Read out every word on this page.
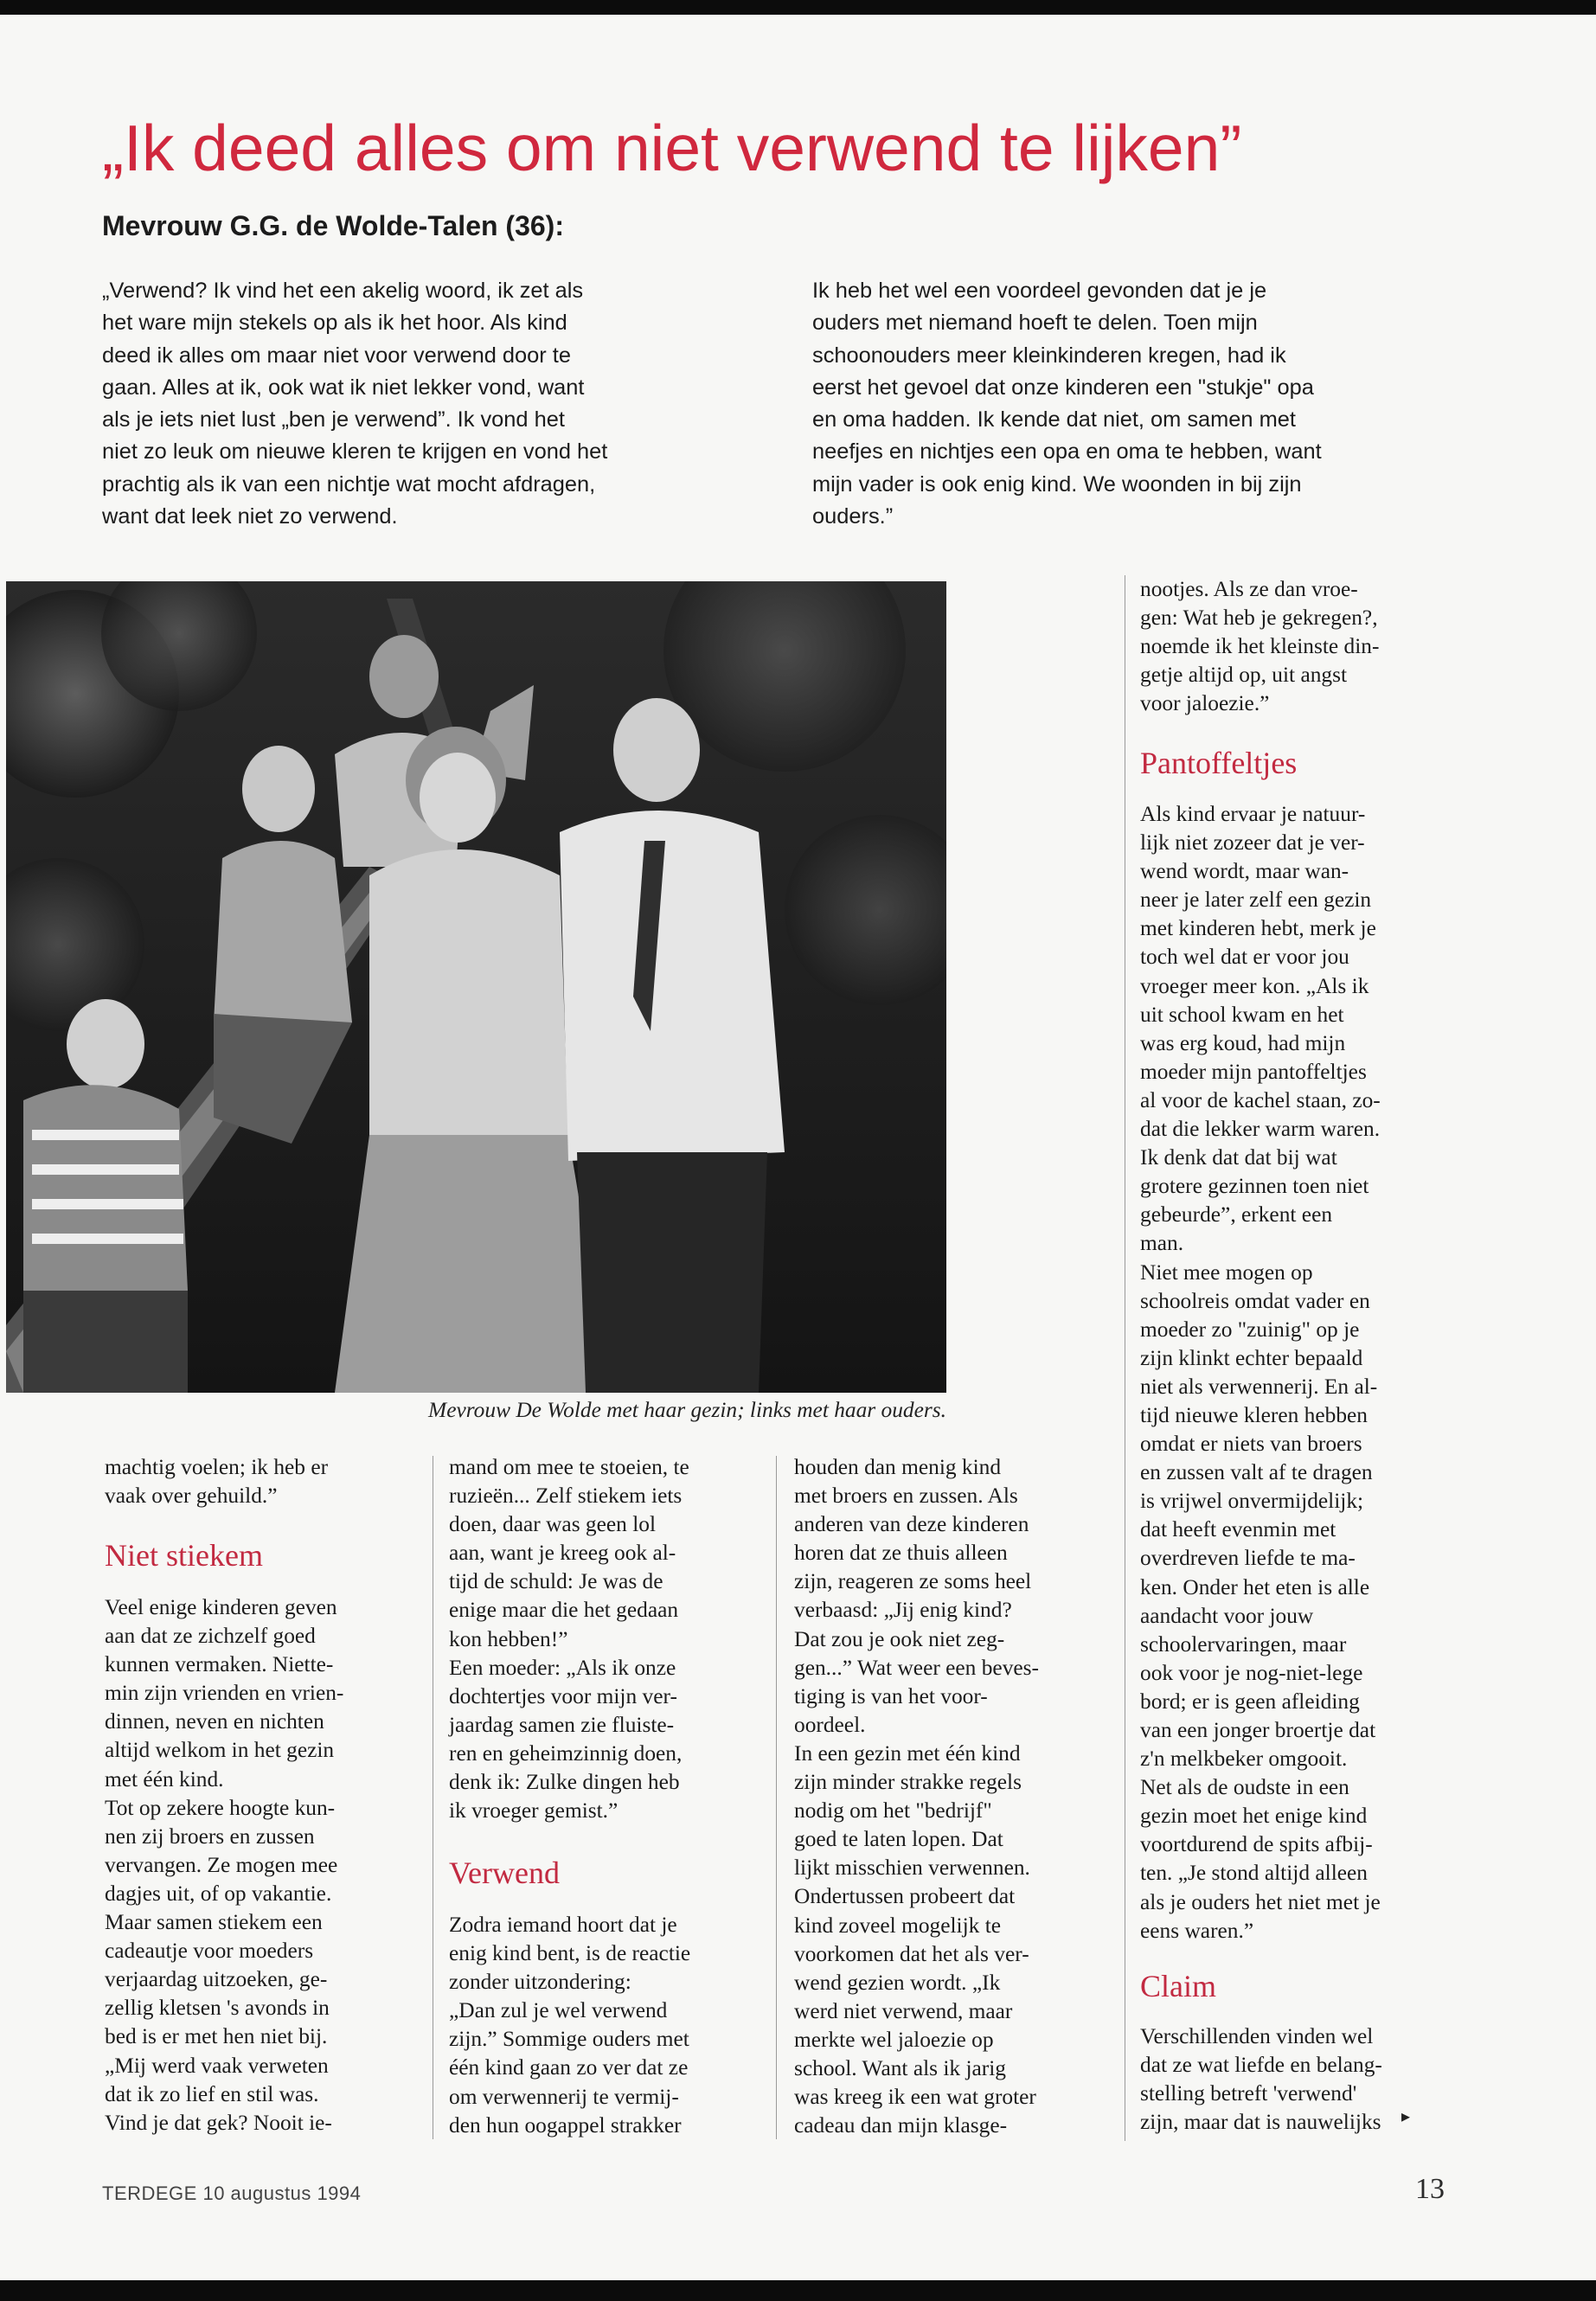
„Ik deed alles om niet verwend te lijken”
Mevrouw G.G. de Wolde-Talen (36):

„Verwend? Ik vind het een akelig woord, ik zet als
het ware mijn stekels op als ik het hoor. Als kind
deed ik alles om maar niet voor verwend door te
gaan. Alles at ik, ook wat ik niet lekker vond, want
als je iets niet lust „ben je verwend”. Ik vond het
niet zo leuk om nieuwe kleren te krijgen en vond het
prachtig als ik van een nichtje wat mocht afdragen,
want dat leek niet zo verwend.

Ik heb het wel een voordeel gevonden dat je je
ouders met niemand hoeft te delen. Toen mijn
schoonouders meer kleinkinderen kregen, had ik
eerst het gevoel dat onze kinderen een "stukje" opa
en oma hadden. Ik kende dat niet, om samen met
neefjes en nichtjes een opa en oma te hebben, want
mijn vader is ook enig kind. We woonden in bij zijn
ouders.”

Mevrouw De Wolde met haar gezin; links met haar ouders.

machtig voelen; ik heb er
vaak over gehuild.”

Niet stiekem

Veel enige kinderen geven
aan dat ze zichzelf goed
kunnen vermaken. Niette-
min zijn vrienden en vrien-
dinnen, neven en nichten
altijd welkom in het gezin
met één kind.
Tot op zekere hoogte kun-
nen zij broers en zussen
vervangen. Ze mogen mee
dagjes uit, of op vakantie.
Maar samen stiekem een
cadeautje voor moeders
verjaardag uitzoeken, ge-
zellig kletsen 's avonds in
bed is er met hen niet bij.
„Mij werd vaak verweten
dat ik zo lief en stil was.
Vind je dat gek? Nooit ie-

mand om mee te stoeien, te
ruzieën... Zelf stiekem iets
doen, daar was geen lol
aan, want je kreeg ook al-
tijd de schuld: Je was de
enige maar die het gedaan
kon hebben!”
Een moeder: „Als ik onze
dochtertjes voor mijn ver-
jaardag samen zie fluiste-
ren en geheimzinnig doen,
denk ik: Zulke dingen heb
ik vroeger gemist.”

Verwend

Zodra iemand hoort dat je
enig kind bent, is de reactie
zonder uitzondering:
„Dan zul je wel verwend
zijn.” Sommige ouders met
één kind gaan zo ver dat ze
om verwennerij te vermij-
den hun oogappel strakker

houden dan menig kind
met broers en zussen. Als
anderen van deze kinderen
horen dat ze thuis alleen
zijn, reageren ze soms heel
verbaasd: „Jij enig kind?
Dat zou je ook niet zeg-
gen...” Wat weer een beves-
tiging is van het voor-
oordeel.
In een gezin met één kind
zijn minder strakke regels
nodig om het "bedrijf"
goed te laten lopen. Dat
lijkt misschien verwennen.
Ondertussen probeert dat
kind zoveel mogelijk te
voorkomen dat het als ver-
wend gezien wordt. „Ik
werd niet verwend, maar
merkte wel jaloezie op
school. Want als ik jarig
was kreeg ik een wat groter
cadeau dan mijn klasge-

nootjes. Als ze dan vroe-
gen: Wat heb je gekregen?,
noemde ik het kleinste din-
getje altijd op, uit angst
voor jaloezie.”

Pantoffeltjes

Als kind ervaar je natuur-
lijk niet zozeer dat je ver-
wend wordt, maar wan-
neer je later zelf een gezin
met kinderen hebt, merk je
toch wel dat er voor jou
vroeger meer kon. „Als ik
uit school kwam en het
was erg koud, had mijn
moeder mijn pantoffeltjes
al voor de kachel staan, zo-
dat die lekker warm waren.
Ik denk dat dat bij wat
grotere gezinnen toen niet
gebeurde”, erkent een
man.
Niet mee mogen op
schoolreis omdat vader en
moeder zo "zuinig" op je
zijn klinkt echter bepaald
niet als verwennerij. En al-
tijd nieuwe kleren hebben
omdat er niets van broers
en zussen valt af te dragen
is vrijwel onvermijdelijk;
dat heeft evenmin met
overdreven liefde te ma-
ken. Onder het eten is alle
aandacht voor jouw
schoolervaringen, maar
ook voor je nog-niet-lege
bord; er is geen afleiding
van een jonger broertje dat
z'n melkbeker omgooit.
Net als de oudste in een
gezin moet het enige kind
voortdurend de spits afbij-
ten. „Je stond altijd alleen
als je ouders het niet met je
eens waren.”

Claim

Verschillenden vinden wel
dat ze wat liefde en belang-
stelling betreft 'verwend'
zijn, maar dat is nauwelijks ▸

TERDEGE 10 augustus 1994	13
